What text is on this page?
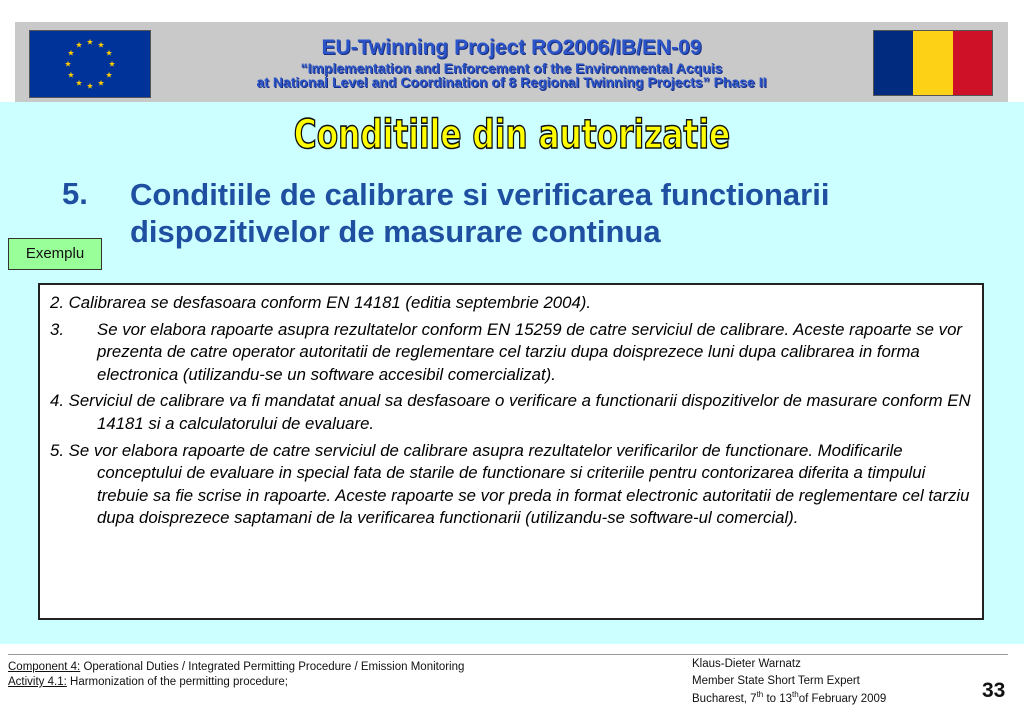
EU-Twinning Project RO2006/IB/EN-09
“Implementation and Enforcement of the Environmental Acquis
at National Level and Coordination of 8 Regional Twinning Projects” Phase II
Conditiile din autorizatie
5. Conditiile de calibrare si verificarea functionarii dispozitivelor de masurare continua
Exemplu
2. Calibrarea se desfasoara conform EN 14181 (editia septembrie 2004).
3. Se vor elabora rapoarte asupra rezultatelor conform EN 15259 de catre serviciul de calibrare. Aceste rapoarte se vor prezenta de catre operator autoritatii de reglementare cel tarziu dupa doisprezece luni dupa calibrarea in forma electronica (utilizandu-se un software accesibil comercializat).
4. Serviciul de calibrare va fi mandatat anual sa desfasoare o verificare a functionarii dispozitivelor de masurare conform EN 14181 si a calculatorului de evaluare.
5. Se vor elabora rapoarte de catre serviciul de calibrare asupra rezultatelor verificarilor de functionare. Modificarile conceptului de evaluare in special fata de starile de functionare si criteriile pentru contorizarea diferita a timpului trebuie sa fie scrise in rapoarte. Aceste rapoarte se vor preda in format electronic autoritatii de reglementare cel tarziu dupa doisprezece saptamani de la verificarea functionarii (utilizandu-se software-ul comercial).
Component 4: Operational Duties / Integrated Permitting Procedure / Emission Monitoring
Activity 4.1: Harmonization of the permitting procedure;
Klaus-Dieter Warnatz
Member State Short Term Expert
Bucharest, 7th to 13thof February 2009	33
